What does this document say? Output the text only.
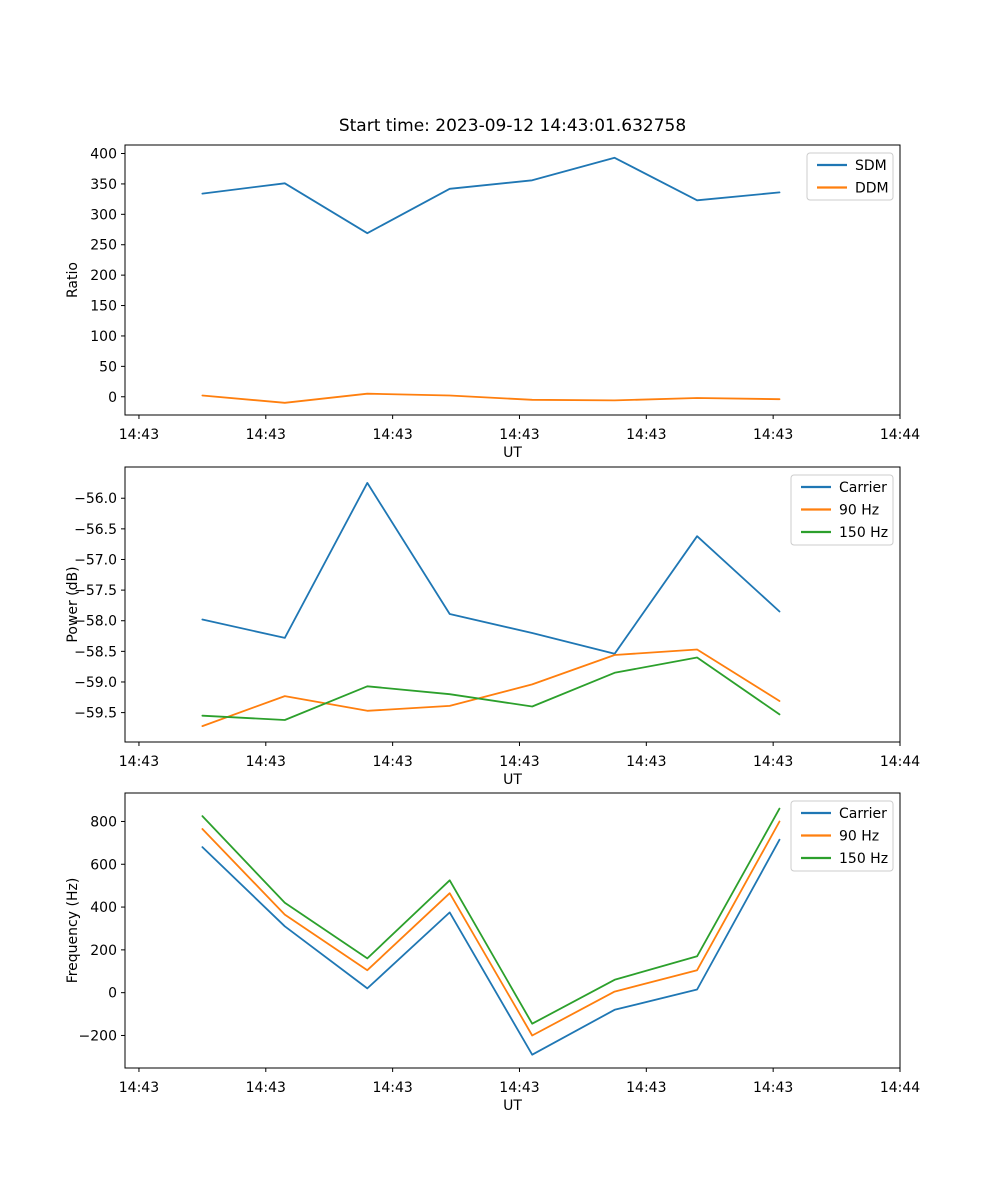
Start time: 2023-09-12 14:43:01.632758
14:43	14:43	14:43	14:43	14:43	14:43	14:44
0
50
100
150
200
250
300
350
400
UT
Ratio
SDM
DDM
14:43	14:43	14:43	14:43	14:43	14:43	14:44
−59.5
−59.0
−58.5
−58.0
−57.5
−57.0
−56.5
−56.0
UT
Power (dB)
Carrier
90 Hz
150 Hz
14:43	14:43	14:43	14:43	14:43	14:43	14:44
−200
0
200
400
600
800
UT
Frequency (Hz)
Carrier
90 Hz
150 Hz
